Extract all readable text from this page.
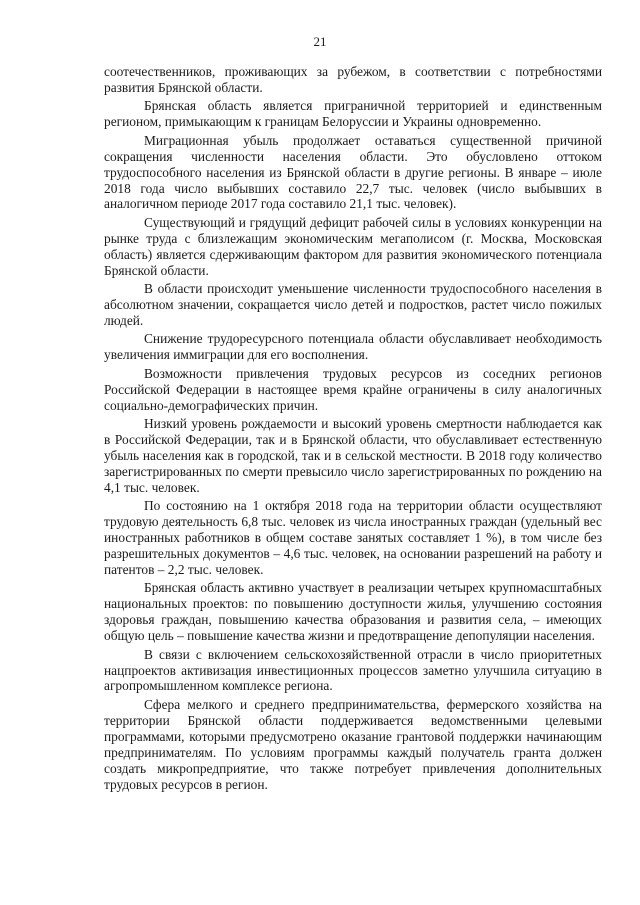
21

соотечественников, проживающих за рубежом, в соответствии с потребностями развития Брянской области.

Брянская область является приграничной территорией и единственным регионом, примыкающим к границам Белоруссии и Украины одновременно.

Миграционная убыль продолжает оставаться существенной причиной сокращения численности населения области. Это обусловлено оттоком трудоспособного населения из Брянской области в другие регионы. В январе – июле 2018 года число выбывших составило 22,7 тыс. человек (число выбывших в аналогичном периоде 2017 года составило 21,1 тыс. человек).

Существующий и грядущий дефицит рабочей силы в условиях конкуренции на рынке труда с близлежащим экономическим мегаполисом (г. Москва, Московская область) является сдерживающим фактором для развития экономического потенциала Брянской области.

В области происходит уменьшение численности трудоспособного населения в абсолютном значении, сокращается число детей и подростков, растет число пожилых людей.

Снижение трудоресурсного потенциала области обуславливает необходимость увеличения иммиграции для его восполнения.

Возможности привлечения трудовых ресурсов из соседних регионов Российской Федерации в настоящее время крайне ограничены в силу аналогичных социально-демографических причин.

Низкий уровень рождаемости и высокий уровень смертности наблюдается как в Российской Федерации, так и в Брянской области, что обуславливает естественную убыль населения как в городской, так и в сельской местности. В 2018 году количество зарегистрированных по смерти превысило число зарегистрированных по рождению на 4,1 тыс. человек.

По состоянию на 1 октября 2018 года на территории области осуществляют трудовую деятельность 6,8 тыс. человек из числа иностранных граждан (удельный вес иностранных работников в общем составе занятых составляет 1 %), в том числе без разрешительных документов – 4,6 тыс. человек, на основании разрешений на работу и патентов – 2,2 тыс. человек.

Брянская область активно участвует в реализации четырех крупномасштабных национальных проектов: по повышению доступности жилья, улучшению состояния здоровья граждан, повышению качества образования и развития села, – имеющих общую цель – повышение качества жизни и предотвращение депопуляции населения.

В связи с включением сельскохозяйственной отрасли в число приоритетных нацпроектов активизация инвестиционных процессов заметно улучшила ситуацию в агропромышленном комплексе региона.

Сфера мелкого и среднего предпринимательства, фермерского хозяйства на территории Брянской области поддерживается ведомственными целевыми программами, которыми предусмотрено оказание грантовой поддержки начинающим предпринимателям. По условиям программы каждый получатель гранта должен создать микропредприятие, что также потребует привлечения дополнительных трудовых ресурсов в регион.
